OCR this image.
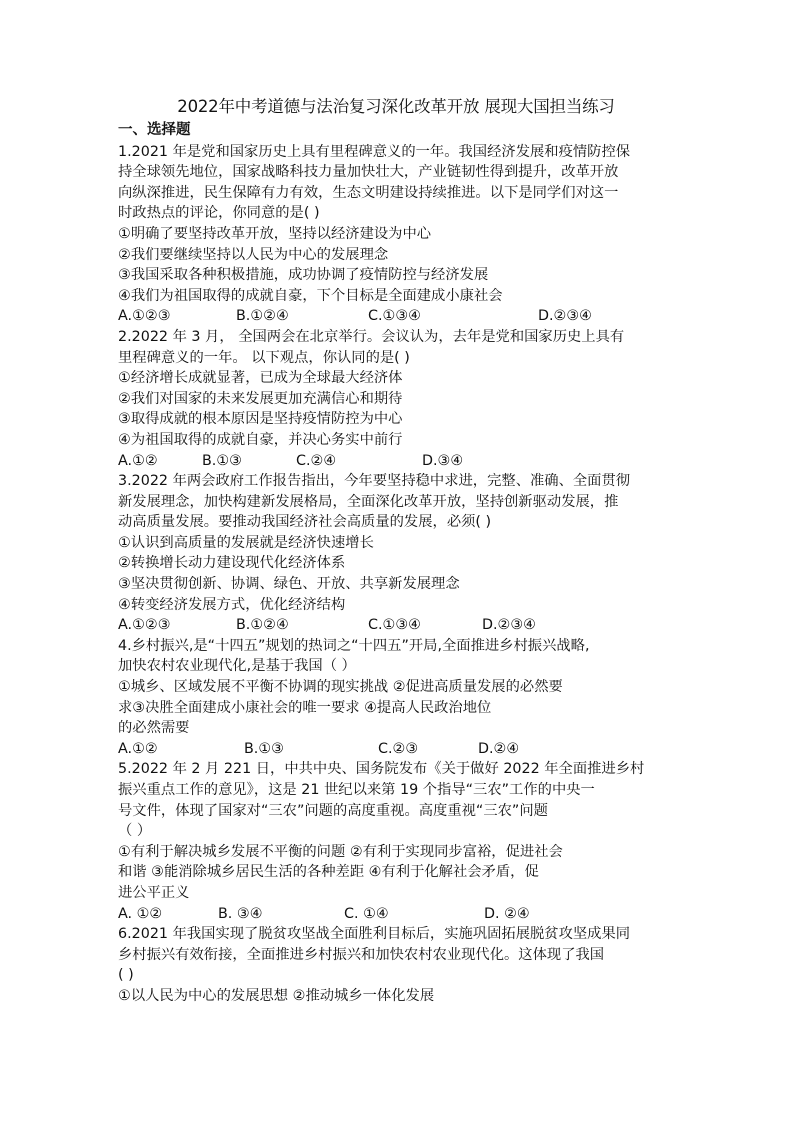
2022年中考道德与法治复习深化改革开放 展现大国担当练习
一、选择题
1.2021 年是党和国家历史上具有里程碑意义的一年。我国经济发展和疫情防控保
持全球领先地位，国家战略科技力量加快壮大，产业链韧性得到提升，改革开放
向纵深推进，民生保障有力有效，生态文明建设持续推进。以下是同学们对这一
时政热点的评论，你同意的是( )
①明确了要坚持改革开放，坚持以经济建设为中心
②我们要继续坚持以人民为中心的发展理念
③我国采取各种积极措施，成功协调了疫情防控与经济发展
④我们为祖国取得的成就自豪，下个目标是全面建成小康社会
A.①②③	B.①②④	C.①③④	D.②③④
2.2022 年 3 月， 全国两会在北京举行。会议认为，去年是党和国家历史上具有
里程碑意义的一年。 以下观点，你认同的是( )
①经济增长成就显著，已成为全球最大经济体
②我们对国家的未来发展更加充满信心和期待
③取得成就的根本原因是坚持疫情防控为中心
④为祖国取得的成就自豪，并决心务实中前行
A.①②	B.①③	C.②④	D.③④
3.2022 年两会政府工作报告指出，今年要坚持稳中求进，完整、准确、全面贯彻
新发展理念，加快构建新发展格局，全面深化改革开放，坚持创新驱动发展，推
动高质量发展。要推动我国经济社会高质量的发展，必须( )
①认识到高质量的发展就是经济快速增长
②转换增长动力建设现代化经济体系
③坚决贯彻创新、协调、绿色、开放、共享新发展理念
④转变经济发展方式，优化经济结构
A.①②③	B.①②④	C.①③④	D.②③④
4.乡村振兴,是“十四五”规划的热词之“十四五”开局,全面推进乡村振兴战略,
加快农村农业现代化,是基于我国（ ）
①城乡、区域发展不平衡不协调的现实挑战 ②促进高质量发展的必然要
求③决胜全面建成小康社会的唯一要求 ④提高人民政治地位
的必然需要
A.①②	B.①③	C.②③	D.②④
5.2022 年 2 月 221 日，中共中央、国务院发布《关于做好 2022 年全面推进乡村
振兴重点工作的意见》，这是 21 世纪以来第 19 个指导“三农”工作的中央一
号文件，体现了国家对“三农”问题的高度重视。高度重视“三农”问题
（ ）
①有利于解决城乡发展不平衡的问题 ②有利于实现同步富裕，促进社会
和谐 ③能消除城乡居民生活的各种差距 ④有利于化解社会矛盾，促
进公平正义
A. ①②	B. ③④	C. ①④	D. ②④
6.2021 年我国实现了脱贫攻坚战全面胜利目标后，实施巩固拓展脱贫攻坚成果同
乡村振兴有效衔接，全面推进乡村振兴和加快农村农业现代化。这体现了我国
( )
①以人民为中心的发展思想 ②推动城乡一体化发展
